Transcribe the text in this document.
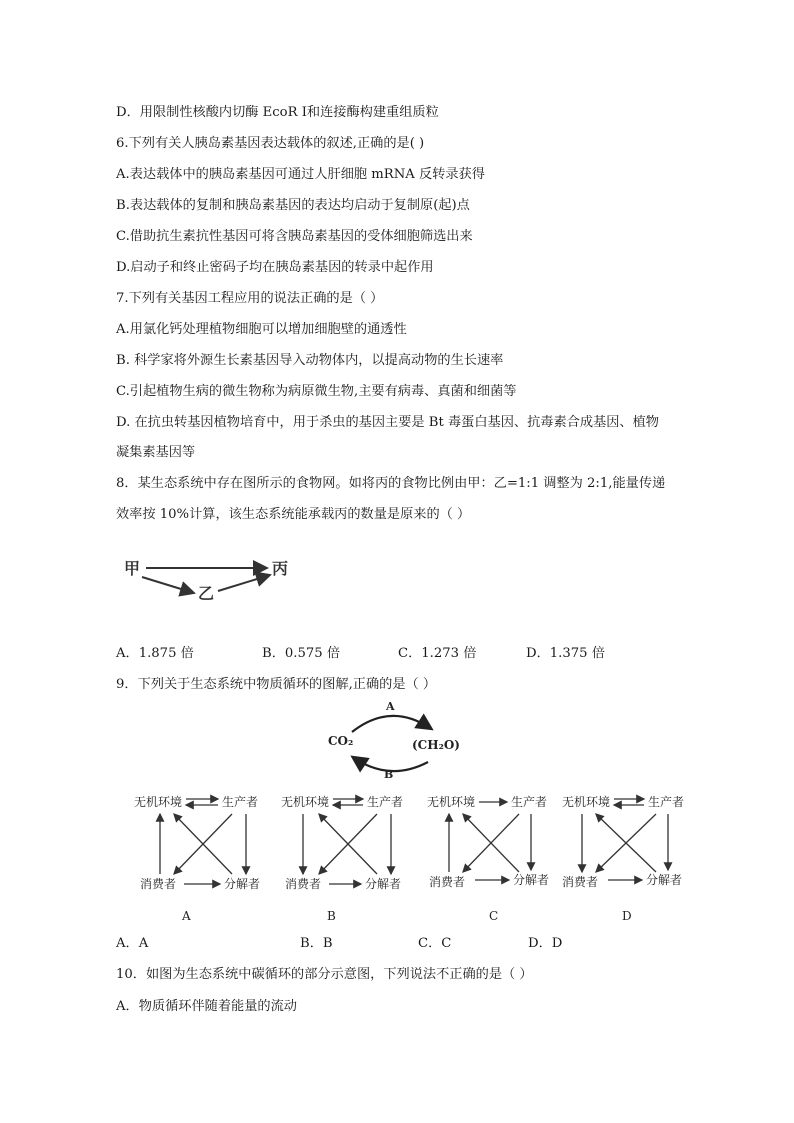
D．用限制性核酸内切酶 EcoR Ⅰ和连接酶构建重组质粒
6.下列有关人胰岛素基因表达载体的叙述,正确的是( )
A.表达载体中的胰岛素基因可通过人肝细胞 mRNA 反转录获得
B.表达载体的复制和胰岛素基因的表达均启动于复制原(起)点
C.借助抗生素抗性基因可将含胰岛素基因的受体细胞筛选出来
D.启动子和终止密码子均在胰岛素基因的转录中起作用
7.下列有关基因工程应用的说法正确的是（ ）
A.用氯化钙处理植物细胞可以增加细胞壁的通透性
B. 科学家将外源生长素基因导入动物体内，以提高动物的生长速率
C.引起植物生病的微生物称为病原微生物,主要有病毒、真菌和细菌等
D. 在抗虫转基因植物培育中，用于杀虫的基因主要是 Bt 毒蛋白基因、抗毒素合成基因、植物
凝集素基因等
8．某生态系统中存在图所示的食物网。如将丙的食物比例由甲：乙=1:1 调整为 2:1,能量传递
效率按 10%计算，该生态系统能承载丙的数量是原来的（ ）
甲
乙
丙
A．1.875 倍	B．0.575 倍	C．1.273 倍	D．1.375 倍
9．下列关于生态系统中物质循环的图解,正确的是（ ）
A
CO₂	(CH₂O)
B
无机环境	生产者
消费者	分解者
A
无机环境	生产者
消费者	分解者
B
无机环境	生产者
消费者	分解者
C
无机环境	生产者
消费者	分解者
D
A．A	B．B	C．C	D．D
10．如图为生态系统中碳循环的部分示意图，下列说法不正确的是（ ）
A．物质循环伴随着能量的流动
